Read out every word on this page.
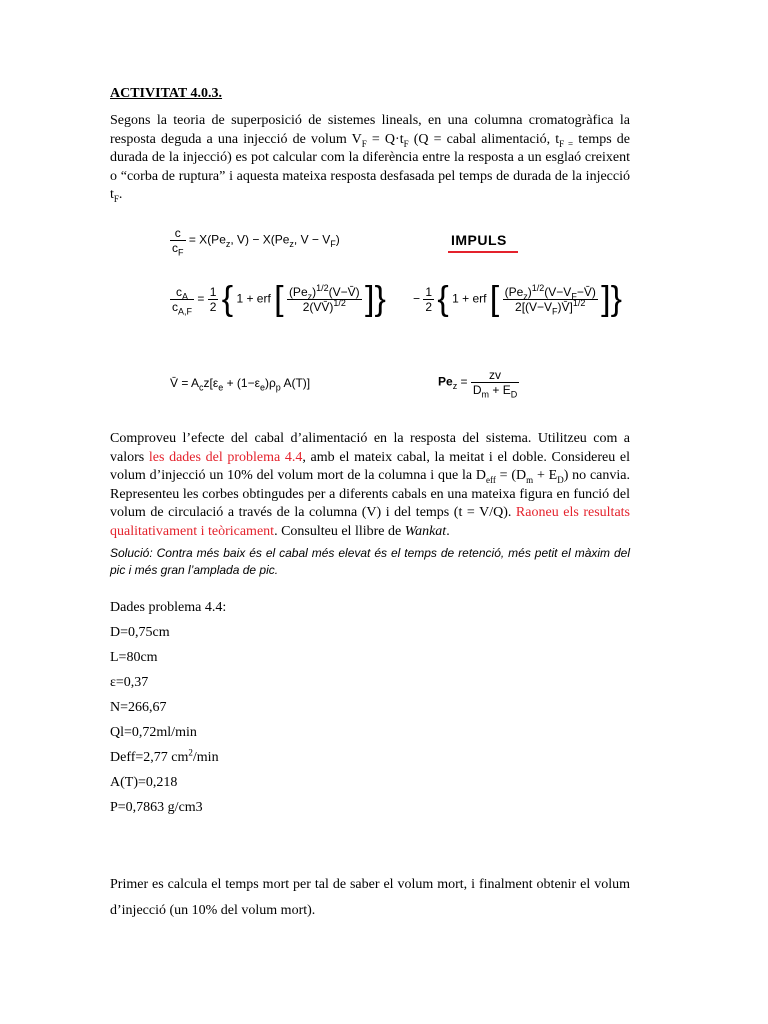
ACTIVITAT 4.0.3.
Segons la teoria de superposició de sistemes lineals, en una columna cromatogràfica la resposta deguda a una injecció de volum $V_F = Q\cdot t_F$ (Q = cabal alimentació, $t_{F =}$ temps de durada de la injecció) es pot calcular com la diferència entre la resposta a un esglaó creixent o “corba de ruptura” i aquesta mateixa resposta desfasada pel temps de durada de la injecció $t_F$.
$\frac{c}{c_F} = X(Pe_z$, $V) - X(Pe_z$, $V - V_F$)	IMPULS
$\frac{c_A}{c_{A,F}} = \frac{1}{2}$ { 1 + erf [ $\frac{(Pe_z)^{1/2}(V-V̄)}{2(VV̄)^{1/2}}$ ]} − $\frac{1}{2}$ { 1 + erf [ $\frac{(Pe_z)^{1/2}(V-V_F-V̄)}{2[(V-V_F)V̄]^{1/2}}$ ]}
V̄ = $A_cz[\varepsilon_e + (1-\varepsilon_e)\rho_p$ A(T)]	$Pe_z = \frac{zv}{D_m + E_D}$
Comproveu l’efecte del cabal d’alimentació en la resposta del sistema. Utilitzeu com a valors les dades del problema 4.4, amb el mateix cabal, la meitat i el doble. Considereu el volum d’injecció un 10% del volum mort de la columna i que la $D_{eff} = (D_m + E_D)$ no canvia. Representeu les corbes obtingudes per a diferents cabals en una mateixa figura en funció del volum de circulació a través de la columna (V) i del temps (t = V/Q). Raoneu els resultats qualitativament i teòricament. Consulteu el llibre de Wankat.
Solució: Contra més baix és el cabal més elevat és el temps de retenció, més petit el màxim del pic i més gran l’amplada de pic.
Dades problema 4.4:
D=0,75cm
L=80cm
ε=0,37
N=266,67
Ql=0,72ml/min
Deff=2,77 $cm^2/\min$
A(T)=0,218
P=0,7863 g/cm3
Primer es calcula el temps mort per tal de saber el volum mort, i finalment obtenir el volum d’injecció (un 10% del volum mort).
